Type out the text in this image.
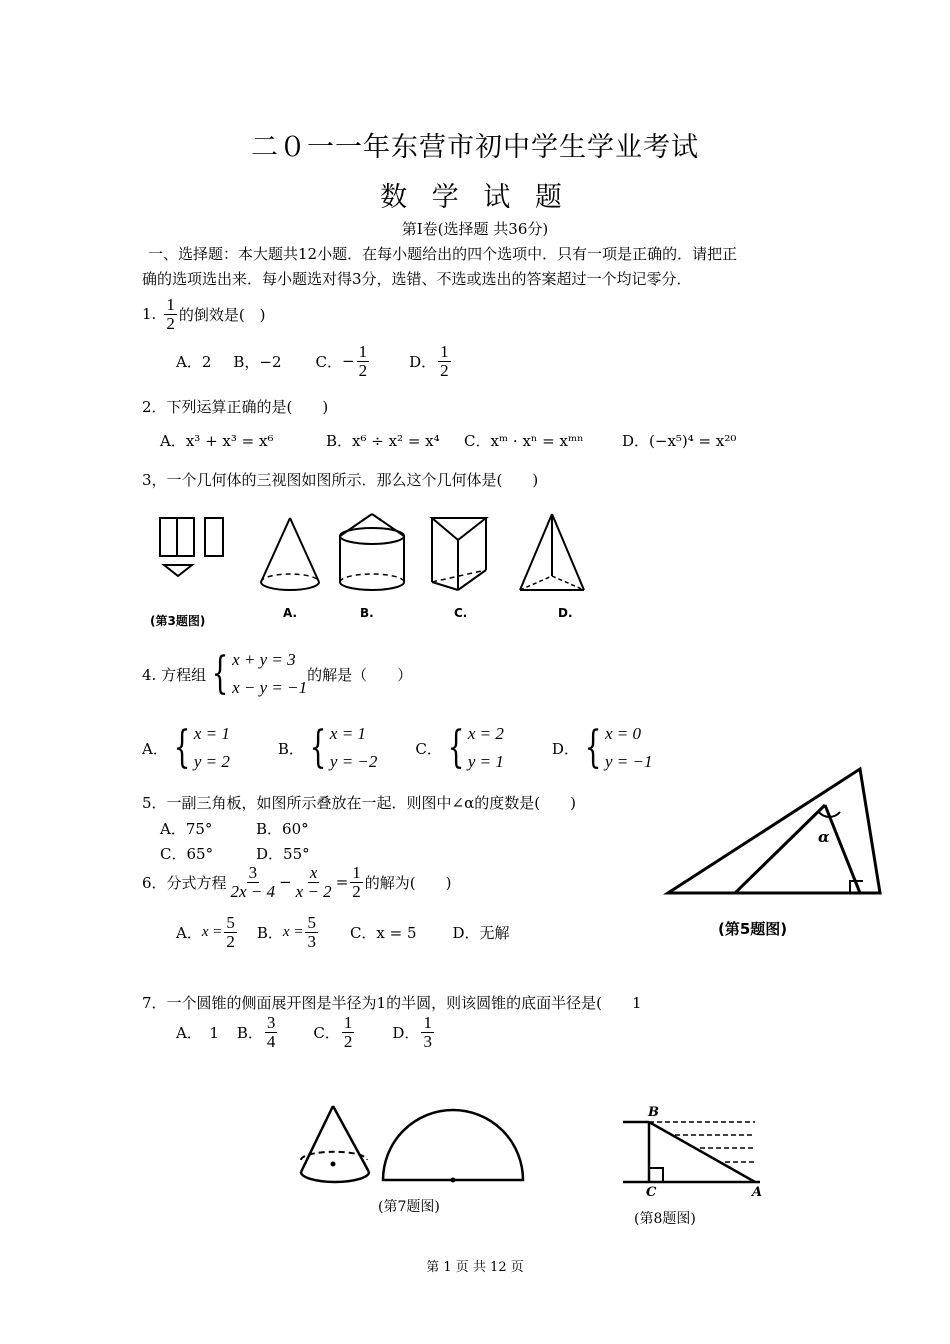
二０一一年东营市初中学生学业考试
数 学 试 题
第Ⅰ卷(选择题 共36分)
一、选择题：本大题共12小题．在每小题给出的四个选项中．只有一项是正确的．请把正
确的选项选出来．每小题选对得3分，选错、不选或选出的答案超过一个均记零分．
1. $\frac{1}{2}$ 的倒效是(　)
A．2 B，−2 C． − $\frac{1}{2}$	D． $\frac{1}{2}$
2．下列运算正确的是(　　)
A．x³ + x³ = x⁶	B．x⁶ ÷ x² = x⁴ C．xᵐ · xⁿ = xᵐⁿ	D．(−x⁵)⁴ = x²⁰
3，一个几何体的三视图如图所示．那么这个几何体是(　　)
(第3题图)
A.	B.	C.	D.
4. 方程组 { x + y = 3
x − y = −1
的解是（　　）
A． { x = 1
y = 2
B． { x = 1
y = −2
C． { x = 2
y = 1
D． { x = 0
y = −1
5．一副三角板，如图所示叠放在一起．则图中∠α的度数是(　　)
A．75°	B．60°
C．65°	D．55°
α
(第5题图)
6．分式方程 $\frac{3}{2x - 4} - \frac{x}{x - 2} = \frac{1}{2}$ 的解为(　　)
A． $x = \frac{5}{2}$ B． $x = \frac{5}{3}$ C．x = 5 D．无解
7．一个圆锥的侧面展开图是半径为1的半圆，则该圆锥的底面半径是(　　1
A．　1 B． $\frac{3}{4}$ C． $\frac{1}{2}$	D． $\frac{1}{3}$
(第7题图)
B
C	A
(第8题图)
第 1 页 共 12 页
